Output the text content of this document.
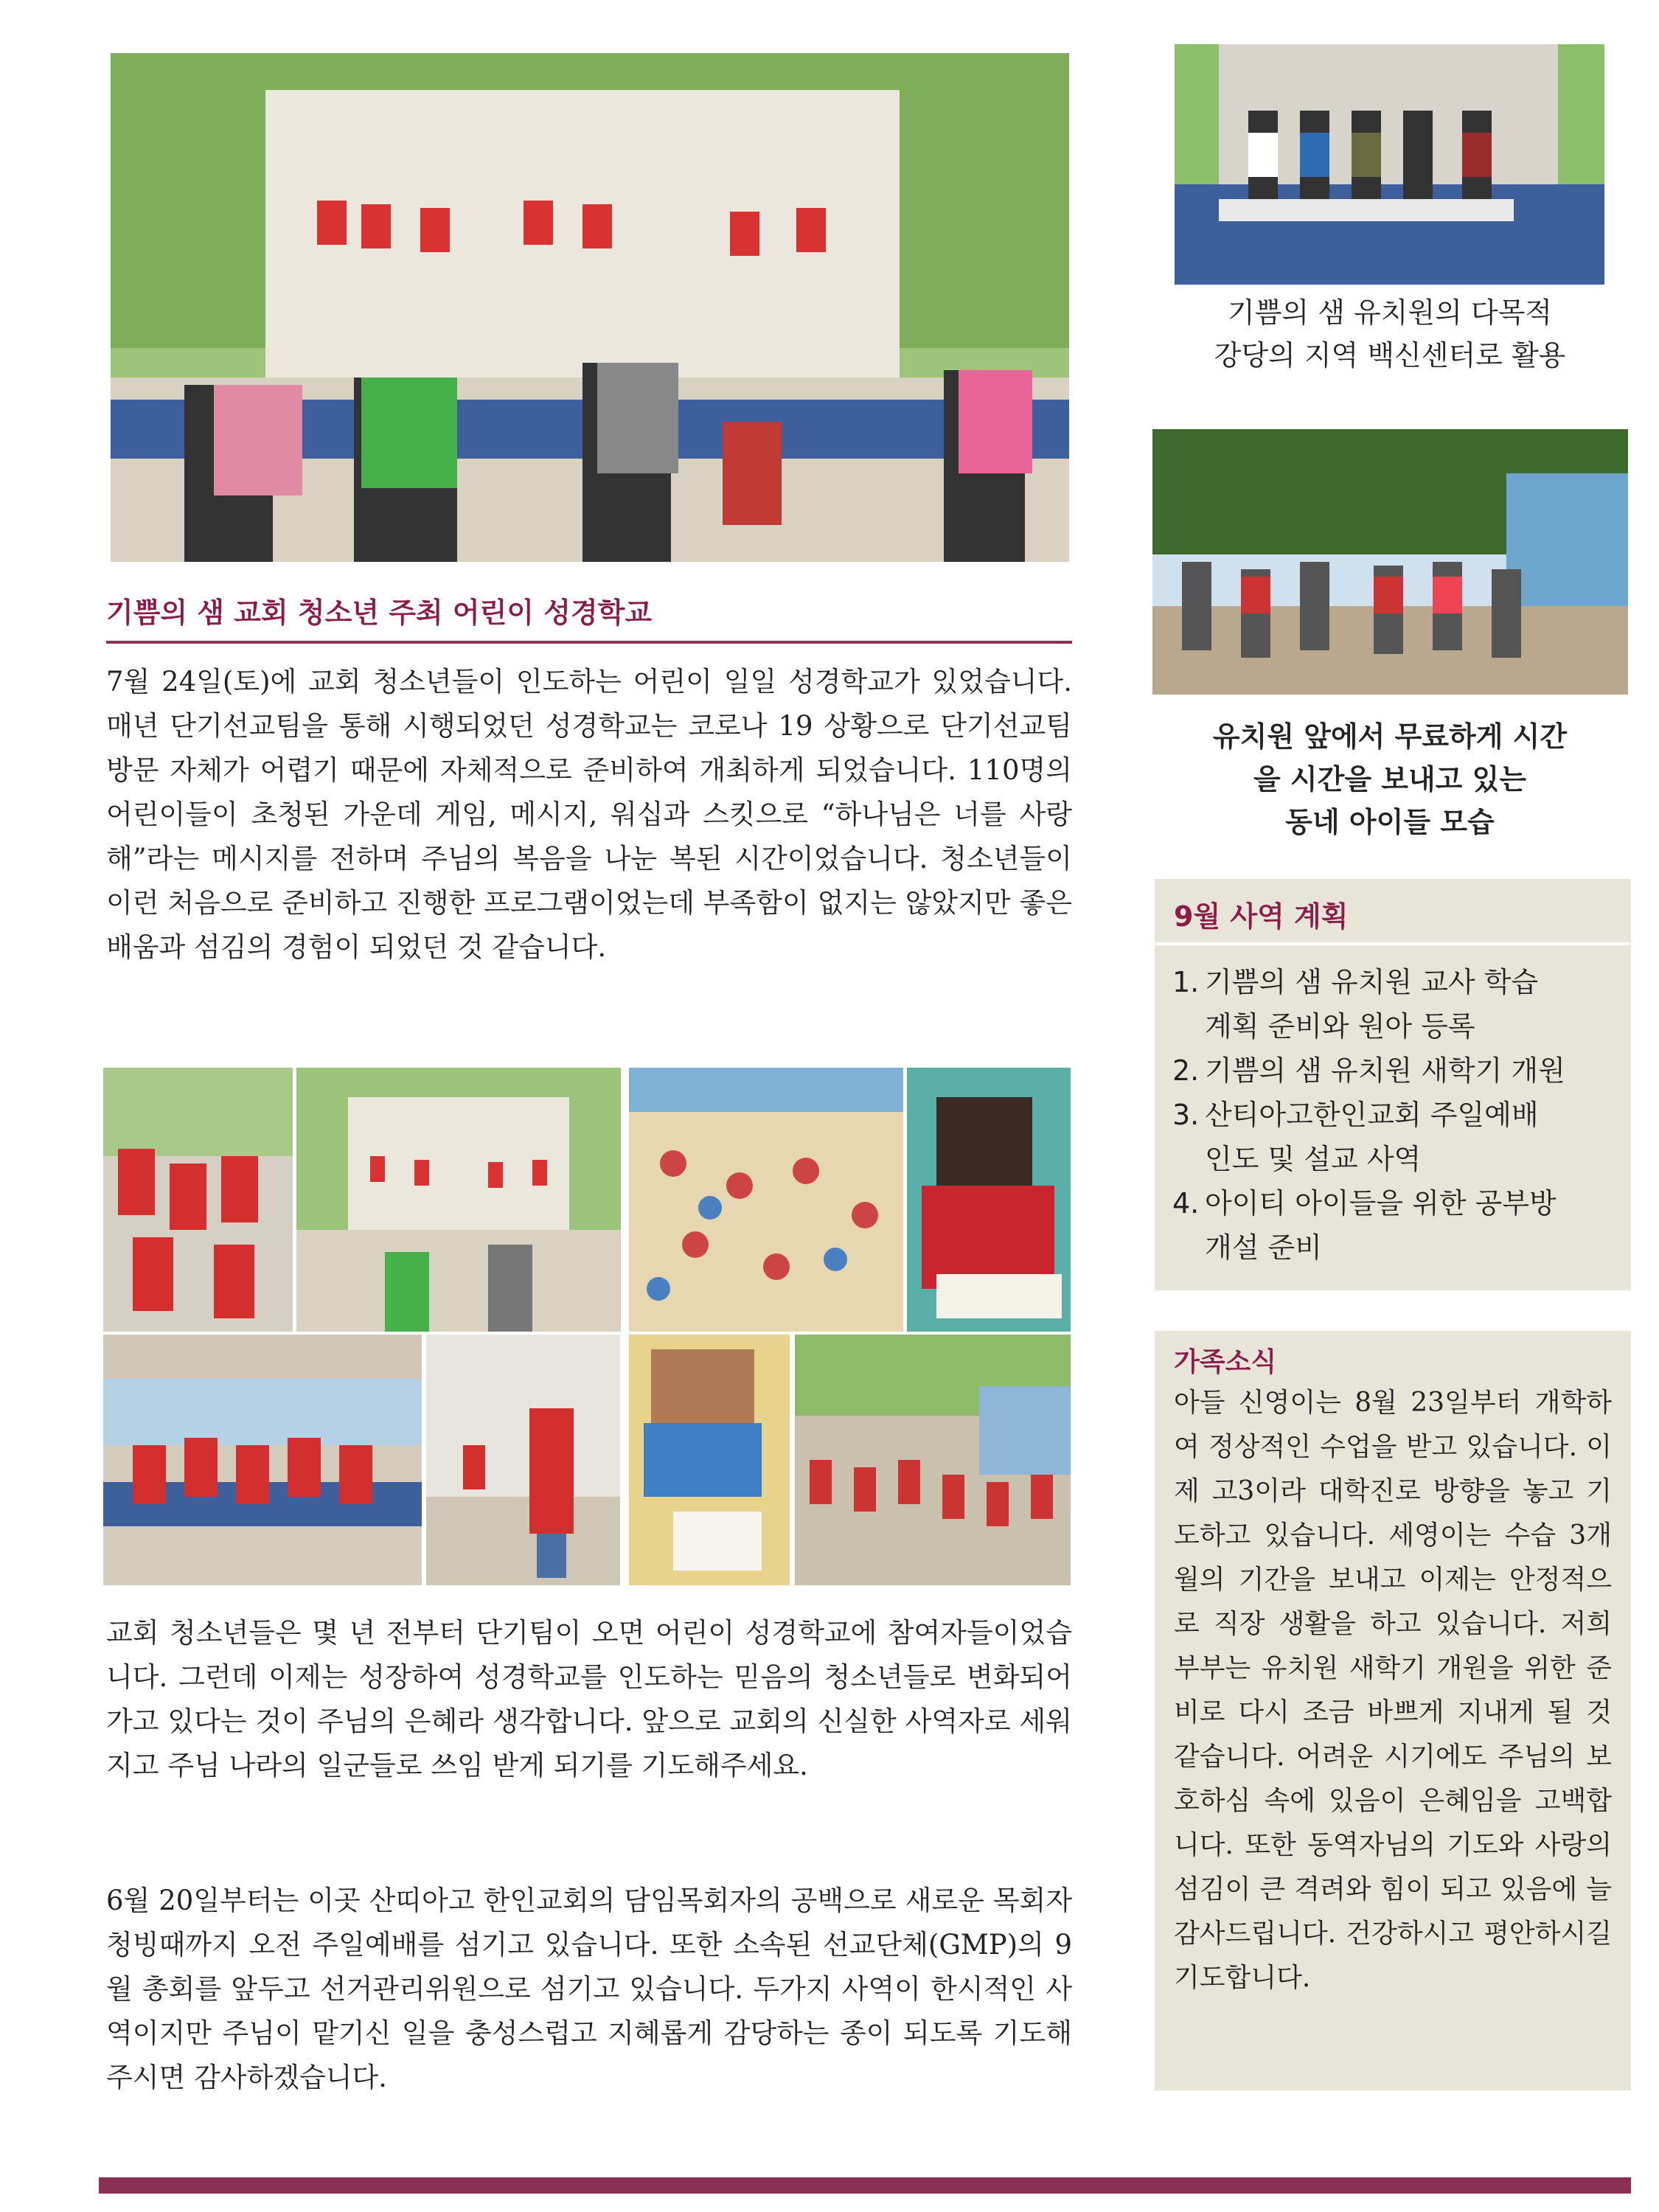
기쁨의 샘 교회 청소년 주최 어린이 성경학교
7월 24일(토)에 교회 청소년들이 인도하는 어린이 일일 성경학교가 있었습니다. 매년 단기선교팀을 통해 시행되었던 성경학교는 코로나 19 상황으로 단기선교팀 방문 자체가 어렵기 때문에 자체적으로 준비하여 개최하게 되었습니다. 110명의 어린이들이 초청된 가운데 게임, 메시지, 워십과 스킷으로 “하나님은 너를 사랑해”라는 메시지를 전하며 주님의 복음을 나눈 복된 시간이었습니다. 청소년들이 이런 처음으로 준비하고 진행한 프로그램이었는데 부족함이 없지는 않았지만 좋은 배움과 섬김의 경험이 되었던 것 같습니다.
교회 청소년들은 몇 년 전부터 단기팀이 오면 어린이 성경학교에 참여자들이었습니다. 그런데 이제는 성장하여 성경학교를 인도하는 믿음의 청소년들로 변화되어 가고 있다는 것이 주님의 은혜라 생각합니다. 앞으로 교회의 신실한 사역자로 세워지고 주님 나라의 일군들로 쓰임 받게 되기를 기도해주세요.
6월 20일부터는 이곳 산띠아고 한인교회의 담임목회자의 공백으로 새로운 목회자 청빙때까지 오전 주일예배를 섬기고 있습니다. 또한 소속된 선교단체(GMP)의 9월 총회를 앞두고 선거관리위원으로 섬기고 있습니다. 두가지 사역이 한시적인 사역이지만 주님이 맡기신 일을 충성스럽고 지혜롭게 감당하는 종이 되도록 기도해주시면 감사하겠습니다.
기쁨의 샘 유치원의 다목적
강당의 지역 백신센터로 활용
유치원 앞에서 무료하게 시간
을 시간을 보내고 있는
동네 아이들 모습
9월 사역 계획
1. 기쁨의 샘 유치원 교사 학습
계획 준비와 원아 등록
2. 기쁨의 샘 유치원 새학기 개원
3. 산티아고한인교회 주일예배
인도 및 설교 사역
4. 아이티 아이들을 위한 공부방
개설 준비
가족소식
아들 신영이는 8월 23일부터 개학하여 정상적인 수업을 받고 있습니다. 이제 고3이라 대학진로 방향을 놓고 기도하고 있습니다. 세영이는 수습 3개월의 기간을 보내고 이제는 안정적으로 직장 생활을 하고 있습니다. 저희 부부는 유치원 새학기 개원을 위한 준비로 다시 조금 바쁘게 지내게 될 것 같습니다. 어려운 시기에도 주님의 보호하심 속에 있음이 은혜임을 고백합니다. 또한 동역자님의 기도와 사랑의 섬김이 큰 격려와 힘이 되고 있음에 늘 감사드립니다. 건강하시고 평안하시길 기도합니다.
